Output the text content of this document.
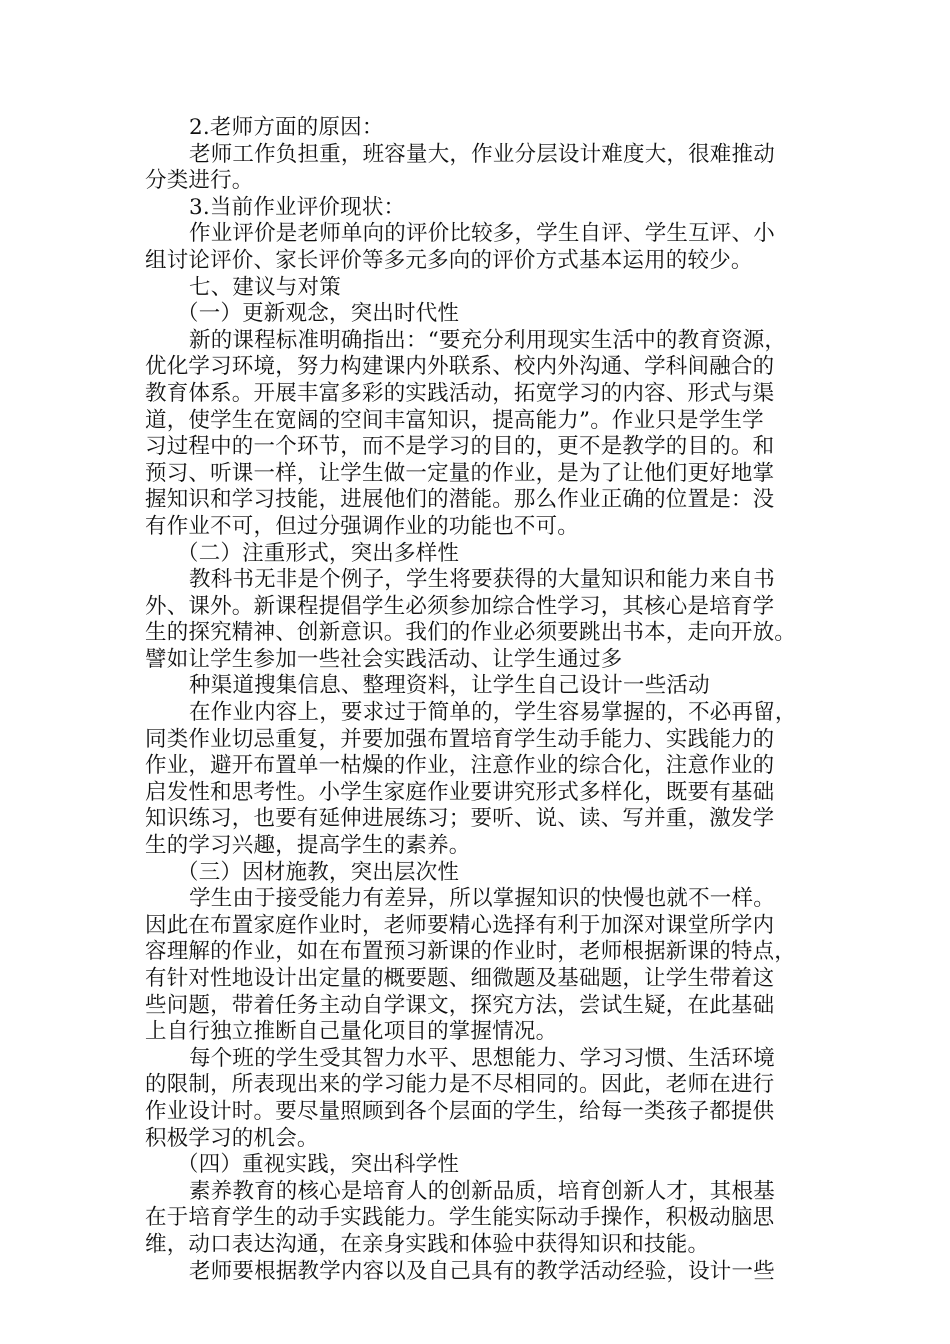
2.老师方面的原因：
老师工作负担重，班容量大，作业分层设计难度大，很难推动
分类进行。
3.当前作业评价现状：
作业评价是老师单向的评价比较多，学生自评、学生互评、小
组讨论评价、家长评价等多元多向的评价方式基本运用的较少。
七、建议与对策
（一）更新观念，突出时代性
新的课程标准明确指出：“要充分利用现实生活中的教育资源，
优化学习环境，努力构建课内外联系、校内外沟通、学科间融合的
教育体系。开展丰富多彩的实践活动，拓宽学习的内容、形式与渠
道，使学生在宽阔的空间丰富知识，提高能力”。作业只是学生学
习过程中的一个环节，而不是学习的目的，更不是教学的目的。和
预习、听课一样，让学生做一定量的作业，是为了让他们更好地掌
握知识和学习技能，进展他们的潜能。那么作业正确的位置是：没
有作业不可，但过分强调作业的功能也不可。
（二）注重形式，突出多样性
教科书无非是个例子，学生将要获得的大量知识和能力来自书
外、课外。新课程提倡学生必须参加综合性学习，其核心是培育学
生的探究精神、创新意识。我们的作业必须要跳出书本，走向开放。
譬如让学生参加一些社会实践活动、让学生通过多
种渠道搜集信息、整理资料，让学生自己设计一些活动
在作业内容上，要求过于简单的，学生容易掌握的，不必再留，
同类作业切忌重复，并要加强布置培育学生动手能力、实践能力的
作业，避开布置单一枯燥的作业，注意作业的综合化，注意作业的
启发性和思考性。小学生家庭作业要讲究形式多样化，既要有基础
知识练习，也要有延伸进展练习；要听、说、读、写并重，激发学
生的学习兴趣，提高学生的素养。
（三）因材施教，突出层次性
学生由于接受能力有差异，所以掌握知识的快慢也就不一样。
因此在布置家庭作业时，老师要精心选择有利于加深对课堂所学内
容理解的作业，如在布置预习新课的作业时，老师根据新课的特点，
有针对性地设计出定量的概要题、细微题及基础题，让学生带着这
些问题，带着任务主动自学课文，探究方法，尝试生疑，在此基础
上自行独立推断自己量化项目的掌握情况。
每个班的学生受其智力水平、思想能力、学习习惯、生活环境
的限制，所表现出来的学习能力是不尽相同的。因此，老师在进行
作业设计时。要尽量照顾到各个层面的学生，给每一类孩子都提供
积极学习的机会。
（四）重视实践，突出科学性
素养教育的核心是培育人的创新品质，培育创新人才，其根基
在于培育学生的动手实践能力。学生能实际动手操作，积极动脑思
维，动口表达沟通，在亲身实践和体验中获得知识和技能。
老师要根据教学内容以及自己具有的教学活动经验，设计一些
